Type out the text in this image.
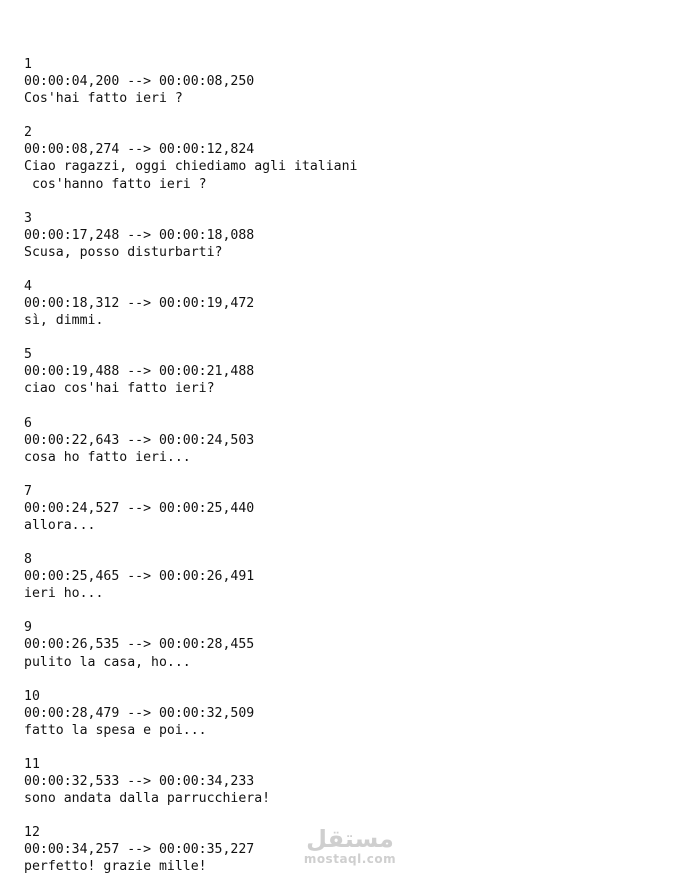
1
00:00:04,200 --> 00:00:08,250
Cos'hai fatto ieri ?
2
00:00:08,274 --> 00:00:12,824
Ciao ragazzi, oggi chiediamo agli italiani
cos'hanno fatto ieri ?
3
00:00:17,248 --> 00:00:18,088
Scusa, posso disturbarti?
4
00:00:18,312 --> 00:00:19,472
sì, dimmi.
5
00:00:19,488 --> 00:00:21,488
ciao cos'hai fatto ieri?
6
00:00:22,643 --> 00:00:24,503
cosa ho fatto ieri...
7
00:00:24,527 --> 00:00:25,440
allora...
8
00:00:25,465 --> 00:00:26,491
ieri ho...
9
00:00:26,535 --> 00:00:28,455
pulito la casa, ho...
10
00:00:28,479 --> 00:00:32,509
fatto la spesa e poi...
11
00:00:32,533 --> 00:00:34,233
sono andata dalla parrucchiera!
12
00:00:34,257 --> 00:00:35,227
perfetto! grazie mille!
مستقل
mostaql.com
